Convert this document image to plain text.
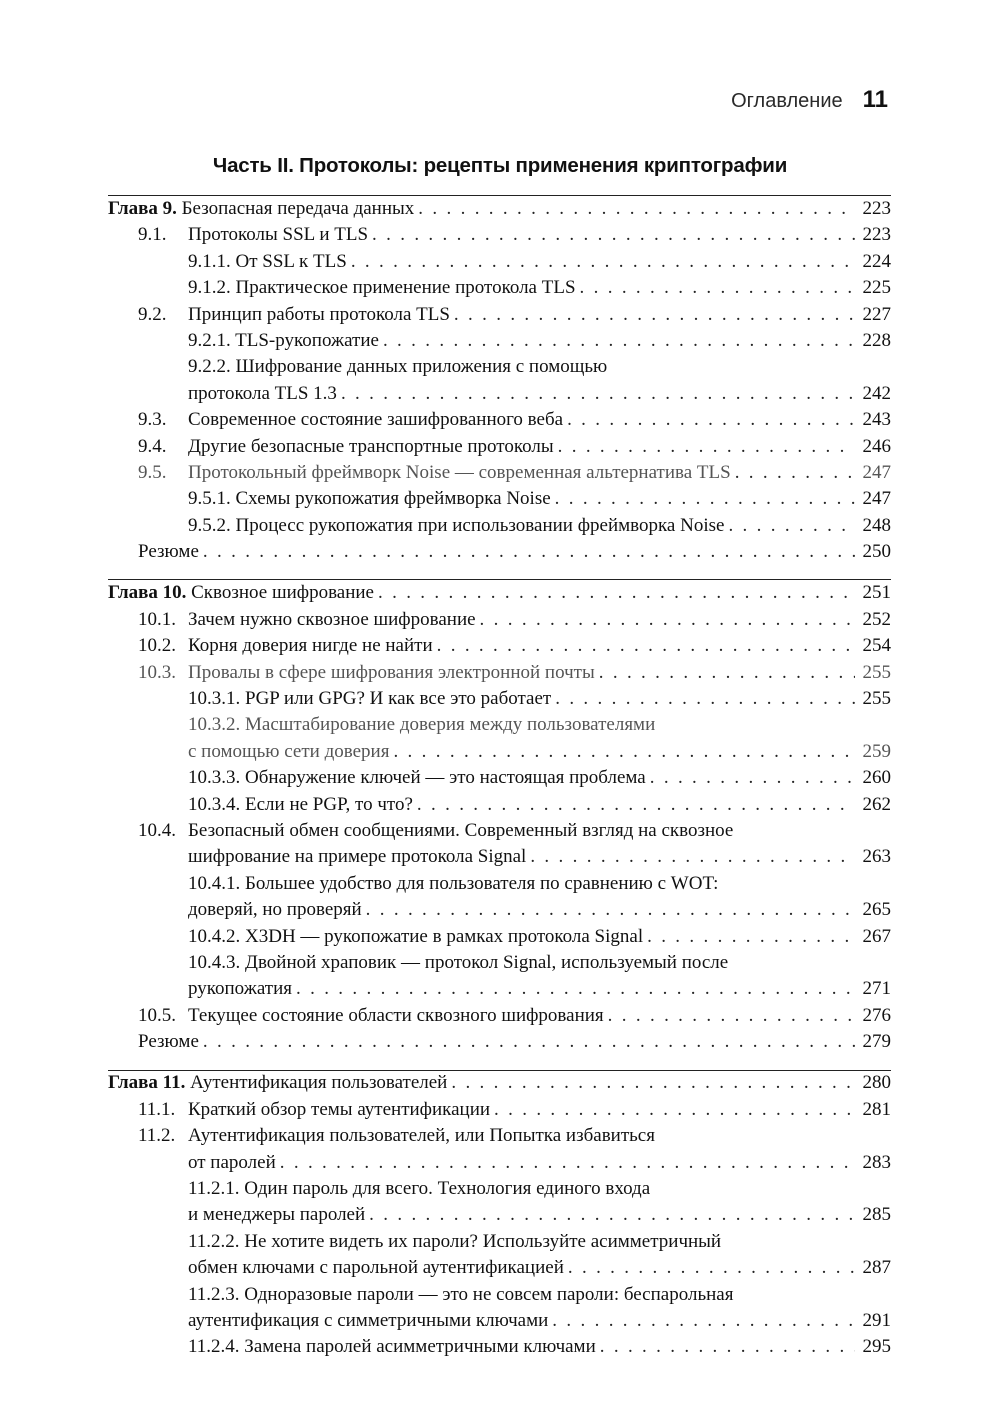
Оглавление 11
Часть II. Протоколы: рецепты применения криптографии
Глава 9. Безопасная передача данных . . .	223
9.1.	Протоколы SSL и TLS . . .	223
9.1.1. От SSL к TLS . . .	224
9.1.2. Практическое применение протокола TLS . . .	225
9.2.	Принцип работы протокола TLS . . .	227
9.2.1. TLS-рукопожатие . . .	228
9.2.2. Шифрование данных приложения с помощью
протокола TLS 1.3 . . .	242
9.3.	Современное состояние зашифрованного веба . . .	243
9.4.	Другие безопасные транспортные протоколы . . .	246
9.5.	Протокольный фреймворк Noise — современная альтернатива TLS . . .	247
9.5.1. Схемы рукопожатия фреймворка Noise . . .	247
9.5.2. Процесс рукопожатия при использовании фреймворка Noise . . .	248
Резюме . . .	250
Глава 10. Сквозное шифрование . . .	251
10.1. Зачем нужно сквозное шифрование . . .	252
10.2. Корня доверия нигде не найти . . .	254
10.3. Провалы в сфере шифрования электронной почты . . .	255
10.3.1. PGP или GPG? И как все это работает . . .	255
10.3.2. Масштабирование доверия между пользователями
с помощью сети доверия . . .	259
10.3.3. Обнаружение ключей — это настоящая проблема . . .	260
10.3.4. Если не PGP, то что? . . .	262
10.4. Безопасный обмен сообщениями. Современный взгляд на сквозное
шифрование на примере протокола Signal . . .	263
10.4.1. Большее удобство для пользователя по сравнению с WOT:
доверяй, но проверяй . . .	265
10.4.2. X3DH — рукопожатие в рамках протокола Signal . . .	267
10.4.3. Двойной храповик — протокол Signal, используемый после
рукопожатия . . .	271
10.5. Текущее состояние области сквозного шифрования . . .	276
Резюме . . .	279
Глава 11. Аутентификация пользователей . . .	280
11.1. Краткий обзор темы аутентификации . . .	281
11.2. Аутентификация пользователей, или Попытка избавиться
от паролей . . .	283
11.2.1. Один пароль для всего. Технология единого входа
и менеджеры паролей . . .	285
11.2.2. Не хотите видеть их пароли? Используйте асимметричный
обмен ключами с парольной аутентификацией . . .	287
11.2.3. Одноразовые пароли — это не совсем пароли: беспарольная
аутентификация с симметричными ключами . . .	291
11.2.4. Замена паролей асимметричными ключами . . .	295
